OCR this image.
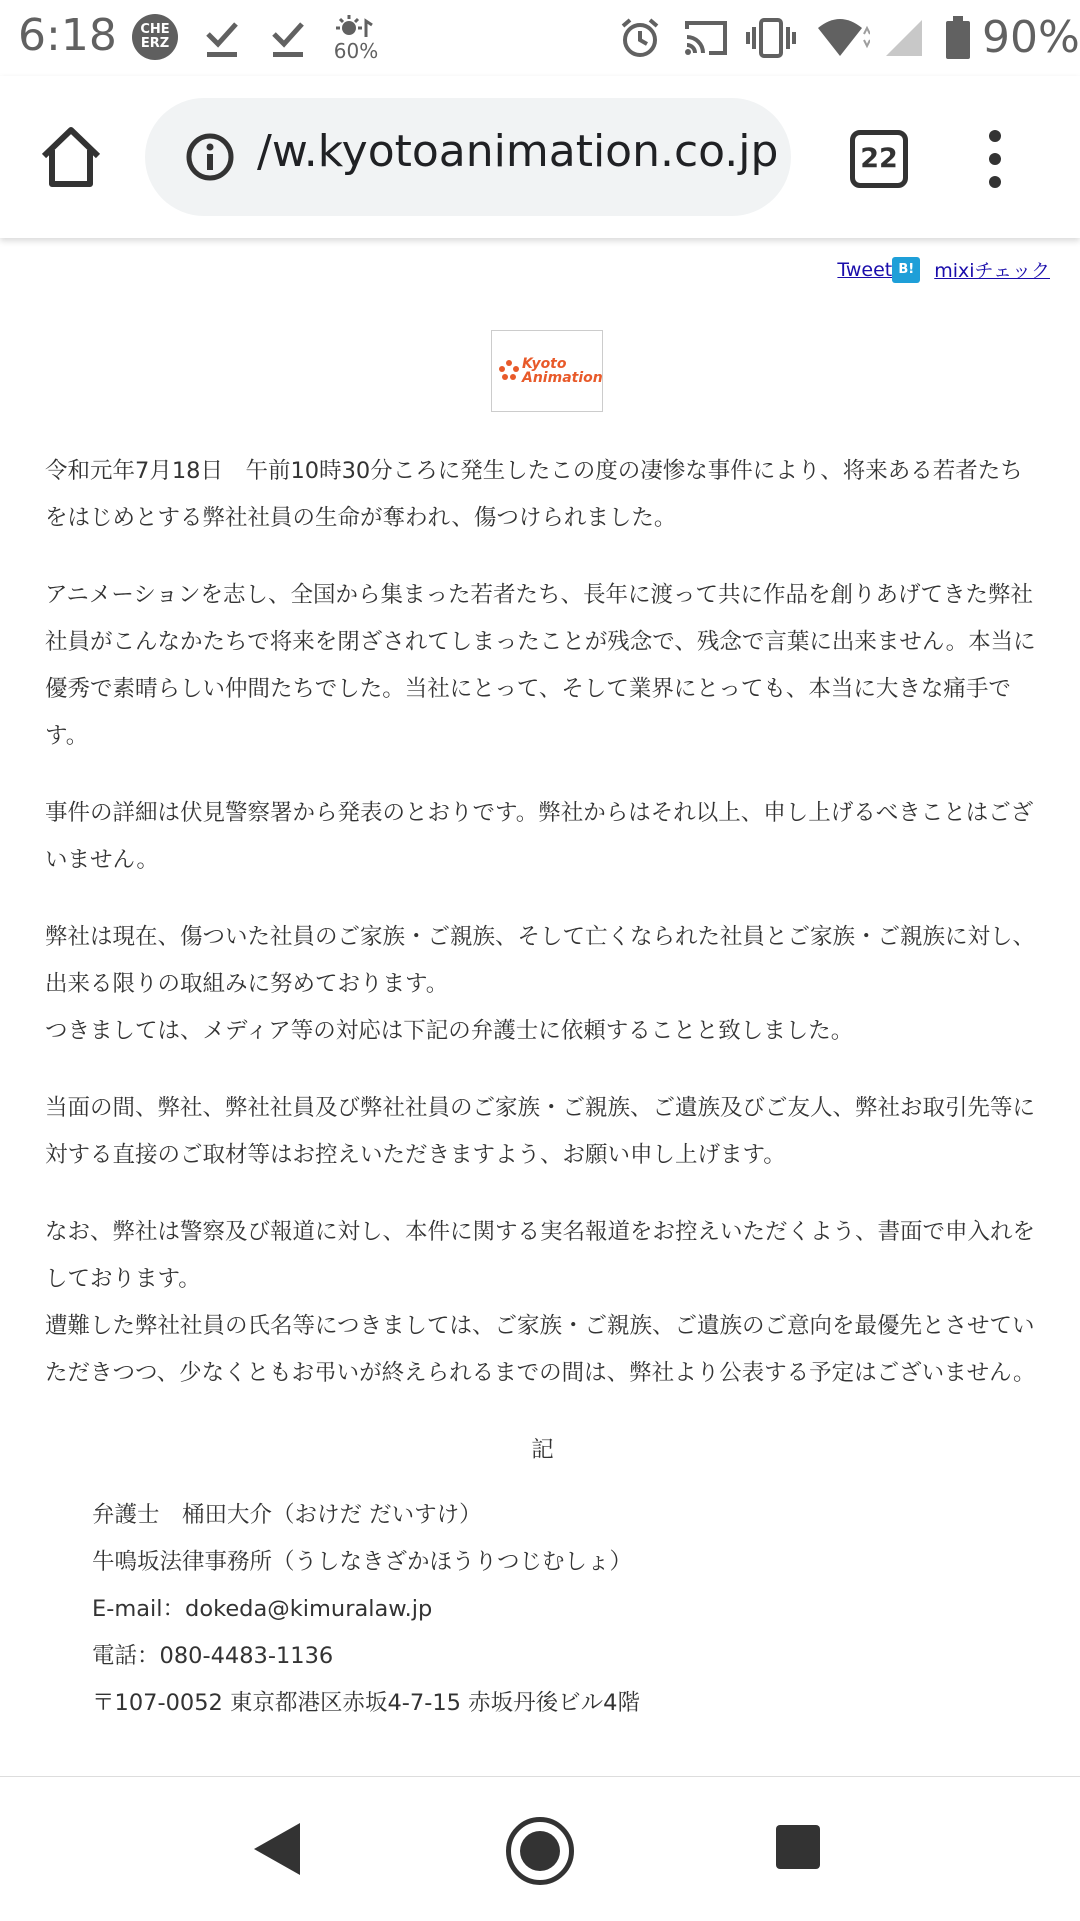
6:18 CHE
ERZ	60%	90%
/w.kyotoanimation.co.jp	22
Tweet B!	mixiチェック
Kyoto
Animation

令和元年7月18日　午前10時30分ころに発生したこの度の凄惨な事件により、将来ある若者たちをはじめとする弊社社員の生命が奪われ、傷つけられました。

アニメーションを志し、全国から集まった若者たち、長年に渡って共に作品を創りあげてきた弊社社員がこんなかたちで将来を閉ざされてしまったことが残念で、残念で言葉に出来ません。本当に優秀で素晴らしい仲間たちでした。当社にとって、そして業界にとっても、本当に大きな痛手です。

事件の詳細は伏見警察署から発表のとおりです。弊社からはそれ以上、申し上げるべきことはございません。

弊社は現在、傷ついた社員のご家族・ご親族、そして亡くなられた社員とご家族・ご親族に対し、出来る限りの取組みに努めております。
つきましては、メディア等の対応は下記の弁護士に依頼することと致しました。

当面の間、弊社、弊社社員及び弊社社員のご家族・ご親族、ご遺族及びご友人、弊社お取引先等に対する直接のご取材等はお控えいただきますよう、お願い申し上げます。

なお、弊社は警察及び報道に対し、本件に関する実名報道をお控えいただくよう、書面で申入れをしております。
遭難した弊社社員の氏名等につきましては、ご家族・ご親族、ご遺族のご意向を最優先とさせていただきつつ、少なくともお弔いが終えられるまでの間は、弊社より公表する予定はございません。

記
弁護士　桶田大介（おけだ だいすけ）
牛鳴坂法律事務所（うしなきざかほうりつじむしょ）
E-mail：dokeda@kimuralaw.jp
電話：080-4483-1136
〒107-0052 東京都港区赤坂4-7-15 赤坂丹後ビル4階
